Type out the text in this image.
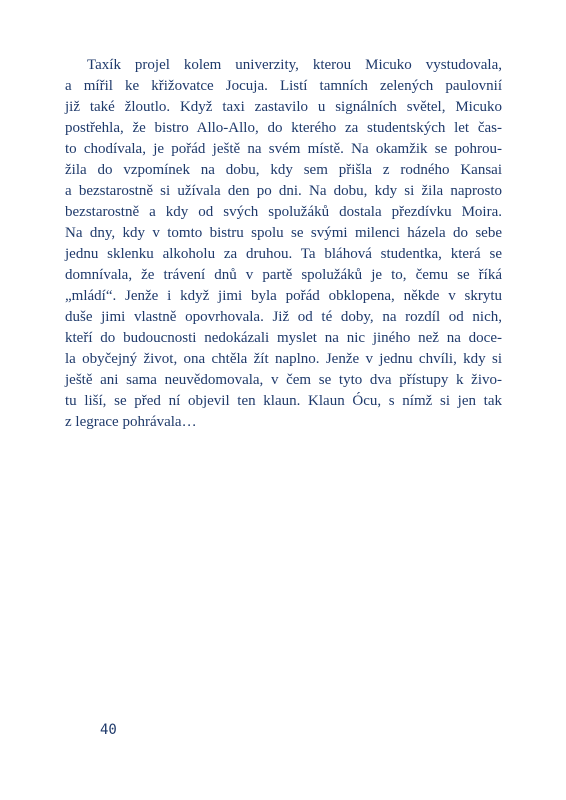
Taxík projel kolem univerzity, kterou Micuko vystudovala,
a mířil ke křižovatce Jocuja. Listí tamních zelených paulovnií
již také žloutlo. Když taxi zastavilo u signálních světel, Micuko
postřehla, že bistro Allo-Allo, do kterého za studentských let čas-
to chodívala, je pořád ještě na svém místě. Na okamžik se pohrou-
žila do vzpomínek na dobu, kdy sem přišla z rodného Kansai
a bezstarostně si užívala den po dni. Na dobu, kdy si žila naprosto
bezstarostně a kdy od svých spolužáků dostala přezdívku Moira.
Na dny, kdy v tomto bistru spolu se svými milenci házela do sebe
jednu sklenku alkoholu za druhou. Ta bláhová studentka, která se
domnívala, že trávení dnů v partě spolužáků je to, čemu se říká
„mládí“. Jenže i když jimi byla pořád obklopena, někde v skrytu
duše jimi vlastně opovrhovala. Již od té doby, na rozdíl od nich,
kteří do budoucnosti nedokázali myslet na nic jiného než na doce-
la obyčejný život, ona chtěla žít naplno. Jenže v jednu chvíli, kdy si
ještě ani sama neuvědomovala, v čem se tyto dva přístupy k živo-
tu liší, se před ní objevil ten klaun. Klaun Ócu, s nímž si jen tak
z legrace pohrávala…
40
